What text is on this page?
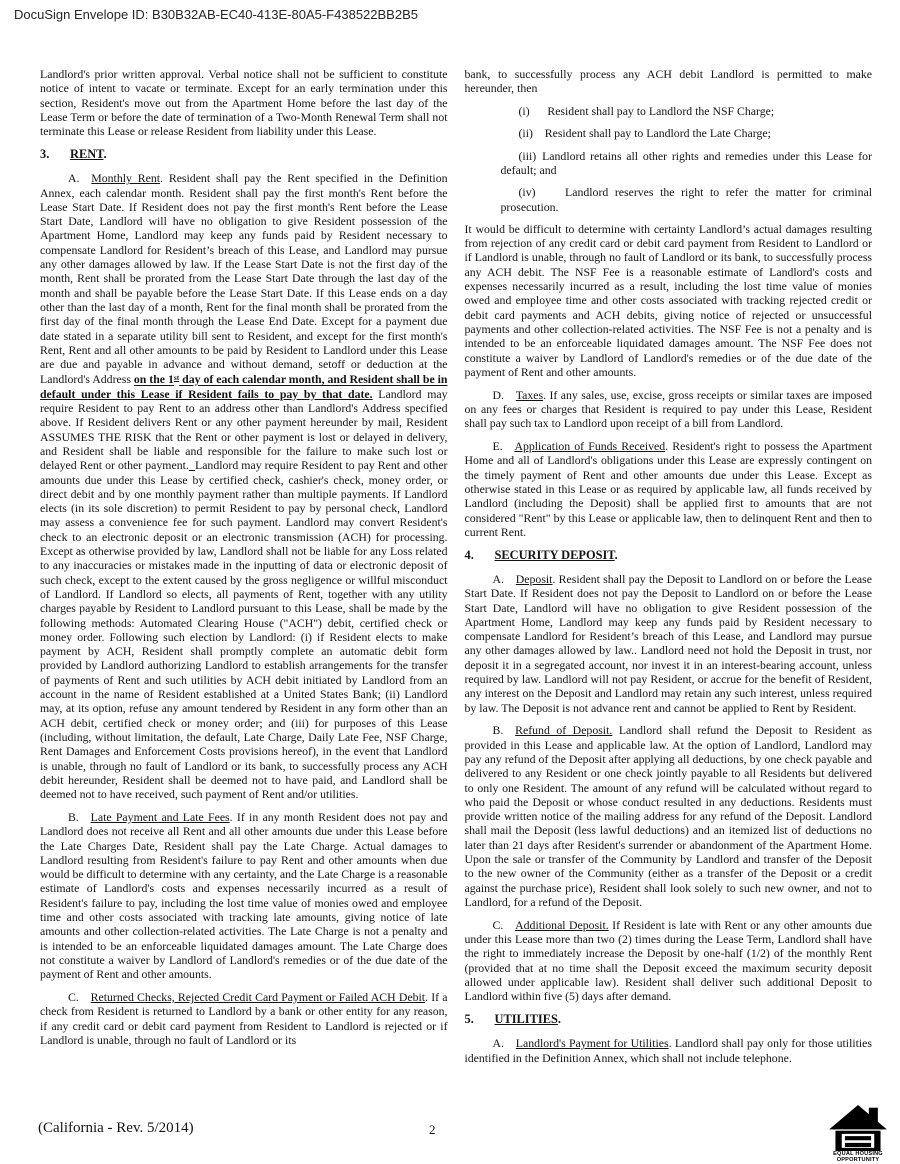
DocuSign Envelope ID: B30B32AB-EC40-413E-80A5-F438522BB2B5
Landlord's prior written approval. Verbal notice shall not be sufficient to constitute notice of intent to vacate or terminate. Except for an early termination under this section, Resident's move out from the Apartment Home before the last day of the Lease Term or before the date of termination of a Two-Month Renewal Term shall not terminate this Lease or release Resident from liability under this Lease.
3. RENT.
A.  Monthly Rent. Resident shall pay the Rent specified in the Definition Annex, each calendar month. Resident shall pay the first month's Rent before the Lease Start Date. If Resident does not pay the first month's Rent before the Lease Start Date, Landlord will have no obligation to give Resident possession of the Apartment Home, Landlord may keep any funds paid by Resident necessary to compensate Landlord for Resident’s breach of this Lease, and Landlord may pursue any other damages allowed by law. If the Lease Start Date is not the first day of the month, Rent shall be prorated from the Lease Start Date through the last day of the month and shall be payable before the Lease Start Date. If this Lease ends on a day other than the last day of a month, Rent for the final month shall be prorated from the first day of the final month through the Lease End Date. Except for a payment due date stated in a separate utility bill sent to Resident, and except for the first month's Rent, Rent and all other amounts to be paid by Resident to Landlord under this Lease are due and payable in advance and without demand, setoff or deduction at the Landlord's Address on the 1st day of each calendar month, and Resident shall be in default under this Lease if Resident fails to pay by that date. Landlord may require Resident to pay Rent to an address other than Landlord's Address specified above. If Resident delivers Rent or any other payment hereunder by mail, Resident ASSUMES THE RISK that the Rent or other payment is lost or delayed in delivery, and Resident shall be liable and responsible for the failure to make such lost or delayed Rent or other payment. Landlord may require Resident to pay Rent and other amounts due under this Lease by certified check, cashier's check, money order, or direct debit and by one monthly payment rather than multiple payments. If Landlord elects (in its sole discretion) to permit Resident to pay by personal check, Landlord may assess a convenience fee for such payment. Landlord may convert Resident's check to an electronic deposit or an electronic transmission (ACH) for processing. Except as otherwise provided by law, Landlord shall not be liable for any Loss related to any inaccuracies or mistakes made in the inputting of data or electronic deposit of such check, except to the extent caused by the gross negligence or willful misconduct of Landlord. If Landlord so elects, all payments of Rent, together with any utility charges payable by Resident to Landlord pursuant to this Lease, shall be made by the following methods: Automated Clearing House ("ACH") debit, certified check or money order. Following such election by Landlord: (i) if Resident elects to make payment by ACH, Resident shall promptly complete an automatic debit form provided by Landlord authorizing Landlord to establish arrangements for the transfer of payments of Rent and such utilities by ACH debit initiated by Landlord from an account in the name of Resident established at a United States Bank; (ii) Landlord may, at its option, refuse any amount tendered by Resident in any form other than an ACH debit, certified check or money order; and (iii) for purposes of this Lease (including, without limitation, the default, Late Charge, Daily Late Fee, NSF Charge, Rent Damages and Enforcement Costs provisions hereof), in the event that Landlord is unable, through no fault of Landlord or its bank, to successfully process any ACH debit hereunder, Resident shall be deemed not to have paid, and Landlord shall be deemed not to have received, such payment of Rent and/or utilities.
B.  Late Payment and Late Fees. If in any month Resident does not pay and Landlord does not receive all Rent and all other amounts due under this Lease before the Late Charges Date, Resident shall pay the Late Charge. Actual damages to Landlord resulting from Resident's failure to pay Rent and other amounts when due would be difficult to determine with any certainty, and the Late Charge is a reasonable estimate of Landlord's costs and expenses necessarily incurred as a result of Resident's failure to pay, including the lost time value of monies owed and employee time and other costs associated with tracking late amounts, giving notice of late amounts and other collection-related activities. The Late Charge is not a penalty and is intended to be an enforceable liquidated damages amount. The Late Charge does not constitute a waiver by Landlord of Landlord's remedies or of the due date of the payment of Rent and other amounts.
C.  Returned Checks, Rejected Credit Card Payment or Failed ACH Debit. If a check from Resident is returned to Landlord by a bank or other entity for any reason, if any credit card or debit card payment from Resident to Landlord is rejected or if Landlord is unable, through no fault of Landlord or its
bank, to successfully process any ACH debit Landlord is permitted to make hereunder, then
(i)  Resident shall pay to Landlord the NSF Charge;
(ii) Resident shall pay to Landlord the Late Charge;
(iii) Landlord retains all other rights and remedies under this Lease for default; and
(iv)   Landlord reserves the right to refer the matter for criminal prosecution.
It would be difficult to determine with certainty Landlord’s actual damages resulting from rejection of any credit card or debit card payment from Resident to Landlord or if Landlord is unable, through no fault of Landlord or its bank, to successfully process any ACH debit. The NSF Fee is a reasonable estimate of Landlord's costs and expenses necessarily incurred as a result, including the lost time value of monies owed and employee time and other costs associated with tracking rejected credit or debit card payments and ACH debits, giving notice of rejected or unsuccessful payments and other collection-related activities. The NSF Fee is not a penalty and is intended to be an enforceable liquidated damages amount. The NSF Fee does not constitute a waiver by Landlord of Landlord's remedies or of the due date of the payment of Rent and other amounts.
D.  Taxes. If any sales, use, excise, gross receipts or similar taxes are imposed on any fees or charges that Resident is required to pay under this Lease, Resident shall pay such tax to Landlord upon receipt of a bill from Landlord.
E.  Application of Funds Received. Resident's right to possess the Apartment Home and all of Landlord's obligations under this Lease are expressly contingent on the timely payment of Rent and other amounts due under this Lease. Except as otherwise stated in this Lease or as required by applicable law, all funds received by Landlord (including the Deposit) shall be applied first to amounts that are not considered "Rent" by this Lease or applicable law, then to delinquent Rent and then to current Rent.
4. SECURITY DEPOSIT.
A.  Deposit. Resident shall pay the Deposit to Landlord on or before the Lease Start Date. If Resident does not pay the Deposit to Landlord on or before the Lease Start Date, Landlord will have no obligation to give Resident possession of the Apartment Home, Landlord may keep any funds paid by Resident necessary to compensate Landlord for Resident’s breach of this Lease, and Landlord may pursue any other damages allowed by law.. Landlord need not hold the Deposit in trust, nor deposit it in a segregated account, nor invest it in an interest-bearing account, unless required by law. Landlord will not pay Resident, or accrue for the benefit of Resident, any interest on the Deposit and Landlord may retain any such interest, unless required by law. The Deposit is not advance rent and cannot be applied to Rent by Resident.
B.  Refund of Deposit. Landlord shall refund the Deposit to Resident as provided in this Lease and applicable law. At the option of Landlord, Landlord may pay any refund of the Deposit after applying all deductions, by one check payable and delivered to any Resident or one check jointly payable to all Residents but delivered to only one Resident. The amount of any refund will be calculated without regard to who paid the Deposit or whose conduct resulted in any deductions. Residents must provide written notice of the mailing address for any refund of the Deposit. Landlord shall mail the Deposit (less lawful deductions) and an itemized list of deductions no later than 21 days after Resident's surrender or abandonment of the Apartment Home. Upon the sale or transfer of the Community by Landlord and transfer of the Deposit to the new owner of the Community (either as a transfer of the Deposit or a credit against the purchase price), Resident shall look solely to such new owner, and not to Landlord, for a refund of the Deposit.
C.  Additional Deposit. If Resident is late with Rent or any other amounts due under this Lease more than two (2) times during the Lease Term, Landlord shall have the right to immediately increase the Deposit by one-half (1/2) of the monthly Rent (provided that at no time shall the Deposit exceed the maximum security deposit allowed under applicable law). Resident shall deliver such additional Deposit to Landlord within five (5) days after demand.
5. UTILITIES.
A.  Landlord's Payment for Utilities. Landlord shall pay only for those utilities identified in the Definition Annex, which shall not include telephone.
(California - Rev. 5/2014)	2
EQUAL HOUSING
OPPORTUNITY
